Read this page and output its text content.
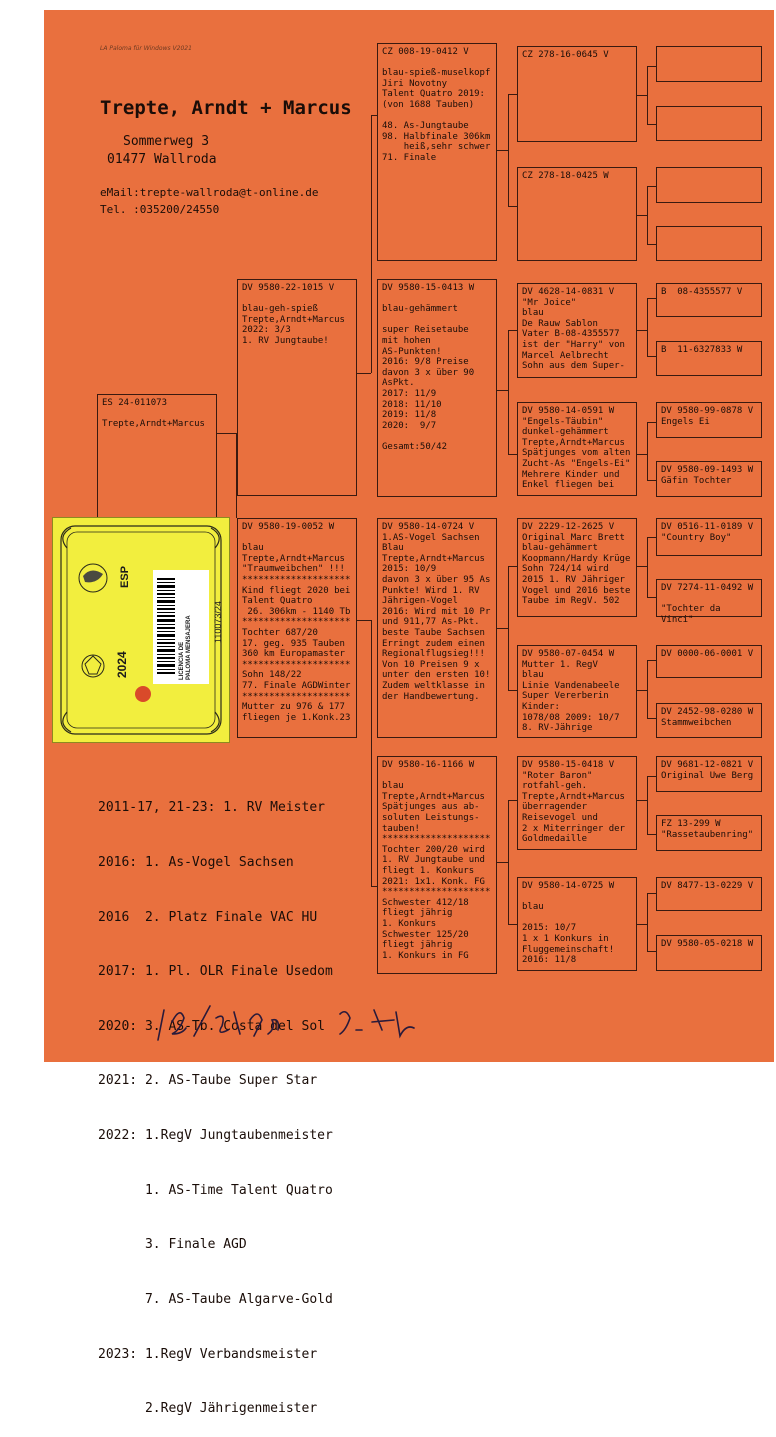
LA Paloma für Windows V2021
Trepte, Arndt + Marcus
Sommerweg 3
01477 Wallroda
eMail:trepte-wallroda@t-online.de
Tel. :035200/24550
ES 24-011073

Trepte,Arndt+Marcus
DV 9580-22-1015 V

blau-geh-spieß
Trepte,Arndt+Marcus
2022: 3/3
1. RV Jungtaube!
DV 9580-19-0052 W

blau
Trepte,Arndt+Marcus
"Traumweibchen" !!!
********************
Kind fliegt 2020 bei
Talent Quatro
26. 306km - 1140 Tb
********************
Tochter 687/20
17. geg. 935 Tauben
360 km Europamaster
********************
Sohn 148/22
77. Finale AGDWinter
********************
Mutter zu 976 & 177
fliegen je 1.Konk.23
CZ 008-19-0412 V

blau-spieß-muselkopf
Jiri Novotny
Talent Quatro 2019:
(von 1688 Tauben)

48. As-Jungtaube
98. Halbfinale 306km
heiß,sehr schwer
71. Finale
DV 9580-15-0413 W

blau-gehämmert

super Reisetaube
mit hohen
AS-Punkten!
2016: 9/8 Preise
davon 3 x über 90
AsPkt.
2017: 11/9
2018: 11/10
2019: 11/8
2020:  9/7

Gesamt:50/42
DV 9580-14-0724 V
1.AS-Vogel Sachsen
Blau
Trepte,Arndt+Marcus
2015: 10/9
davon 3 x über 95 As
Punkte! Wird 1. RV
Jährigen-Vogel
2016: Wird mit 10 Pr
und 911,77 As-Pkt.
beste Taube Sachsen
Erringt zudem einen
Regionalflugsieg!!!
Von 10 Preisen 9 x
unter den ersten 10!
Zudem weltklasse in
der Handbewertung.
DV 9580-16-1166 W

blau
Trepte,Arndt+Marcus
Spätjunges aus ab-
soluten Leistungs-
tauben!
********************
Tochter 200/20 wird
1. RV Jungtaube und
fliegt 1. Konkurs
2021: 1x1. Konk. FG
********************
Schwester 412/18
fliegt jährig
1. Konkurs
Schwester 125/20
fliegt jährig
1. Konkurs in FG
CZ 278-16-0645 V
CZ 278-18-0425 W
DV 4628-14-0831 V
"Mr Joice"
blau
De Rauw Sablon
Vater B-08-4355577
ist der "Harry" von
Marcel Aelbrecht
Sohn aus dem Super-
DV 9580-14-0591 W
"Engels-Täubin"
dunkel-gehämmert
Trepte,Arndt+Marcus
Spätjunges vom alten
Zucht-As "Engels-Ei"
Mehrere Kinder und
Enkel fliegen bei
DV 2229-12-2625 V
Original Marc Brett
blau-gehämmert
Koopmann/Hardy Krüge
Sohn 724/14 wird
2015 1. RV Jähriger
Vogel und 2016 beste
Taube im RegV. 502
DV 9580-07-0454 W
Mutter 1. RegV
blau
Linie Vandenabeele
Super Vererberin
Kinder:
1078/08 2009: 10/7
8. RV-Jährige
DV 9580-15-0418 V
"Roter Baron"
rotfahl-geh.
Trepte,Arndt+Marcus
überragender
Reisevogel und
2 x Miterringer der
Goldmedaille
DV 9580-14-0725 W

blau

2015: 10/7
1 x 1 Konkurs in
Fluggemeinschaft!
2016: 11/8
B  08-4355577 V
B  11-6327833 W
DV 9580-99-0878 V
Engels Ei
DV 9580-09-1493 W
Gäfin Tochter
DV 0516-11-0189 V
"Country Boy"
DV 7274-11-0492 W

"Tochter da Vinci"
DV 0000-06-0001 V
DV 2452-98-0280 W
Stammweibchen
DV 9681-12-0821 V
Original Uwe Berg
FZ 13-299 W
"Rassetaubenring"
DV 8477-13-0229 V
DV 9580-05-0218 W
ESP
2024	LICENCIA DE
PALOMA MENSAJERA 110073/24

2011-17, 21-23: 1. RV Meister

2016: 1. As-Vogel Sachsen

2016  2. Platz Finale VAC HU

2017: 1. Pl. OLR Finale Usedom

2020: 3. AS-Tb. Costa del Sol

2021: 2. AS-Taube Super Star

2022: 1.RegV Jungtaubenmeister

1. AS-Time Talent Quatro

3. Finale AGD

7. AS-Taube Algarve-Gold

2023: 1.RegV Verbandsmeister

2.RegV Jährigenmeister
